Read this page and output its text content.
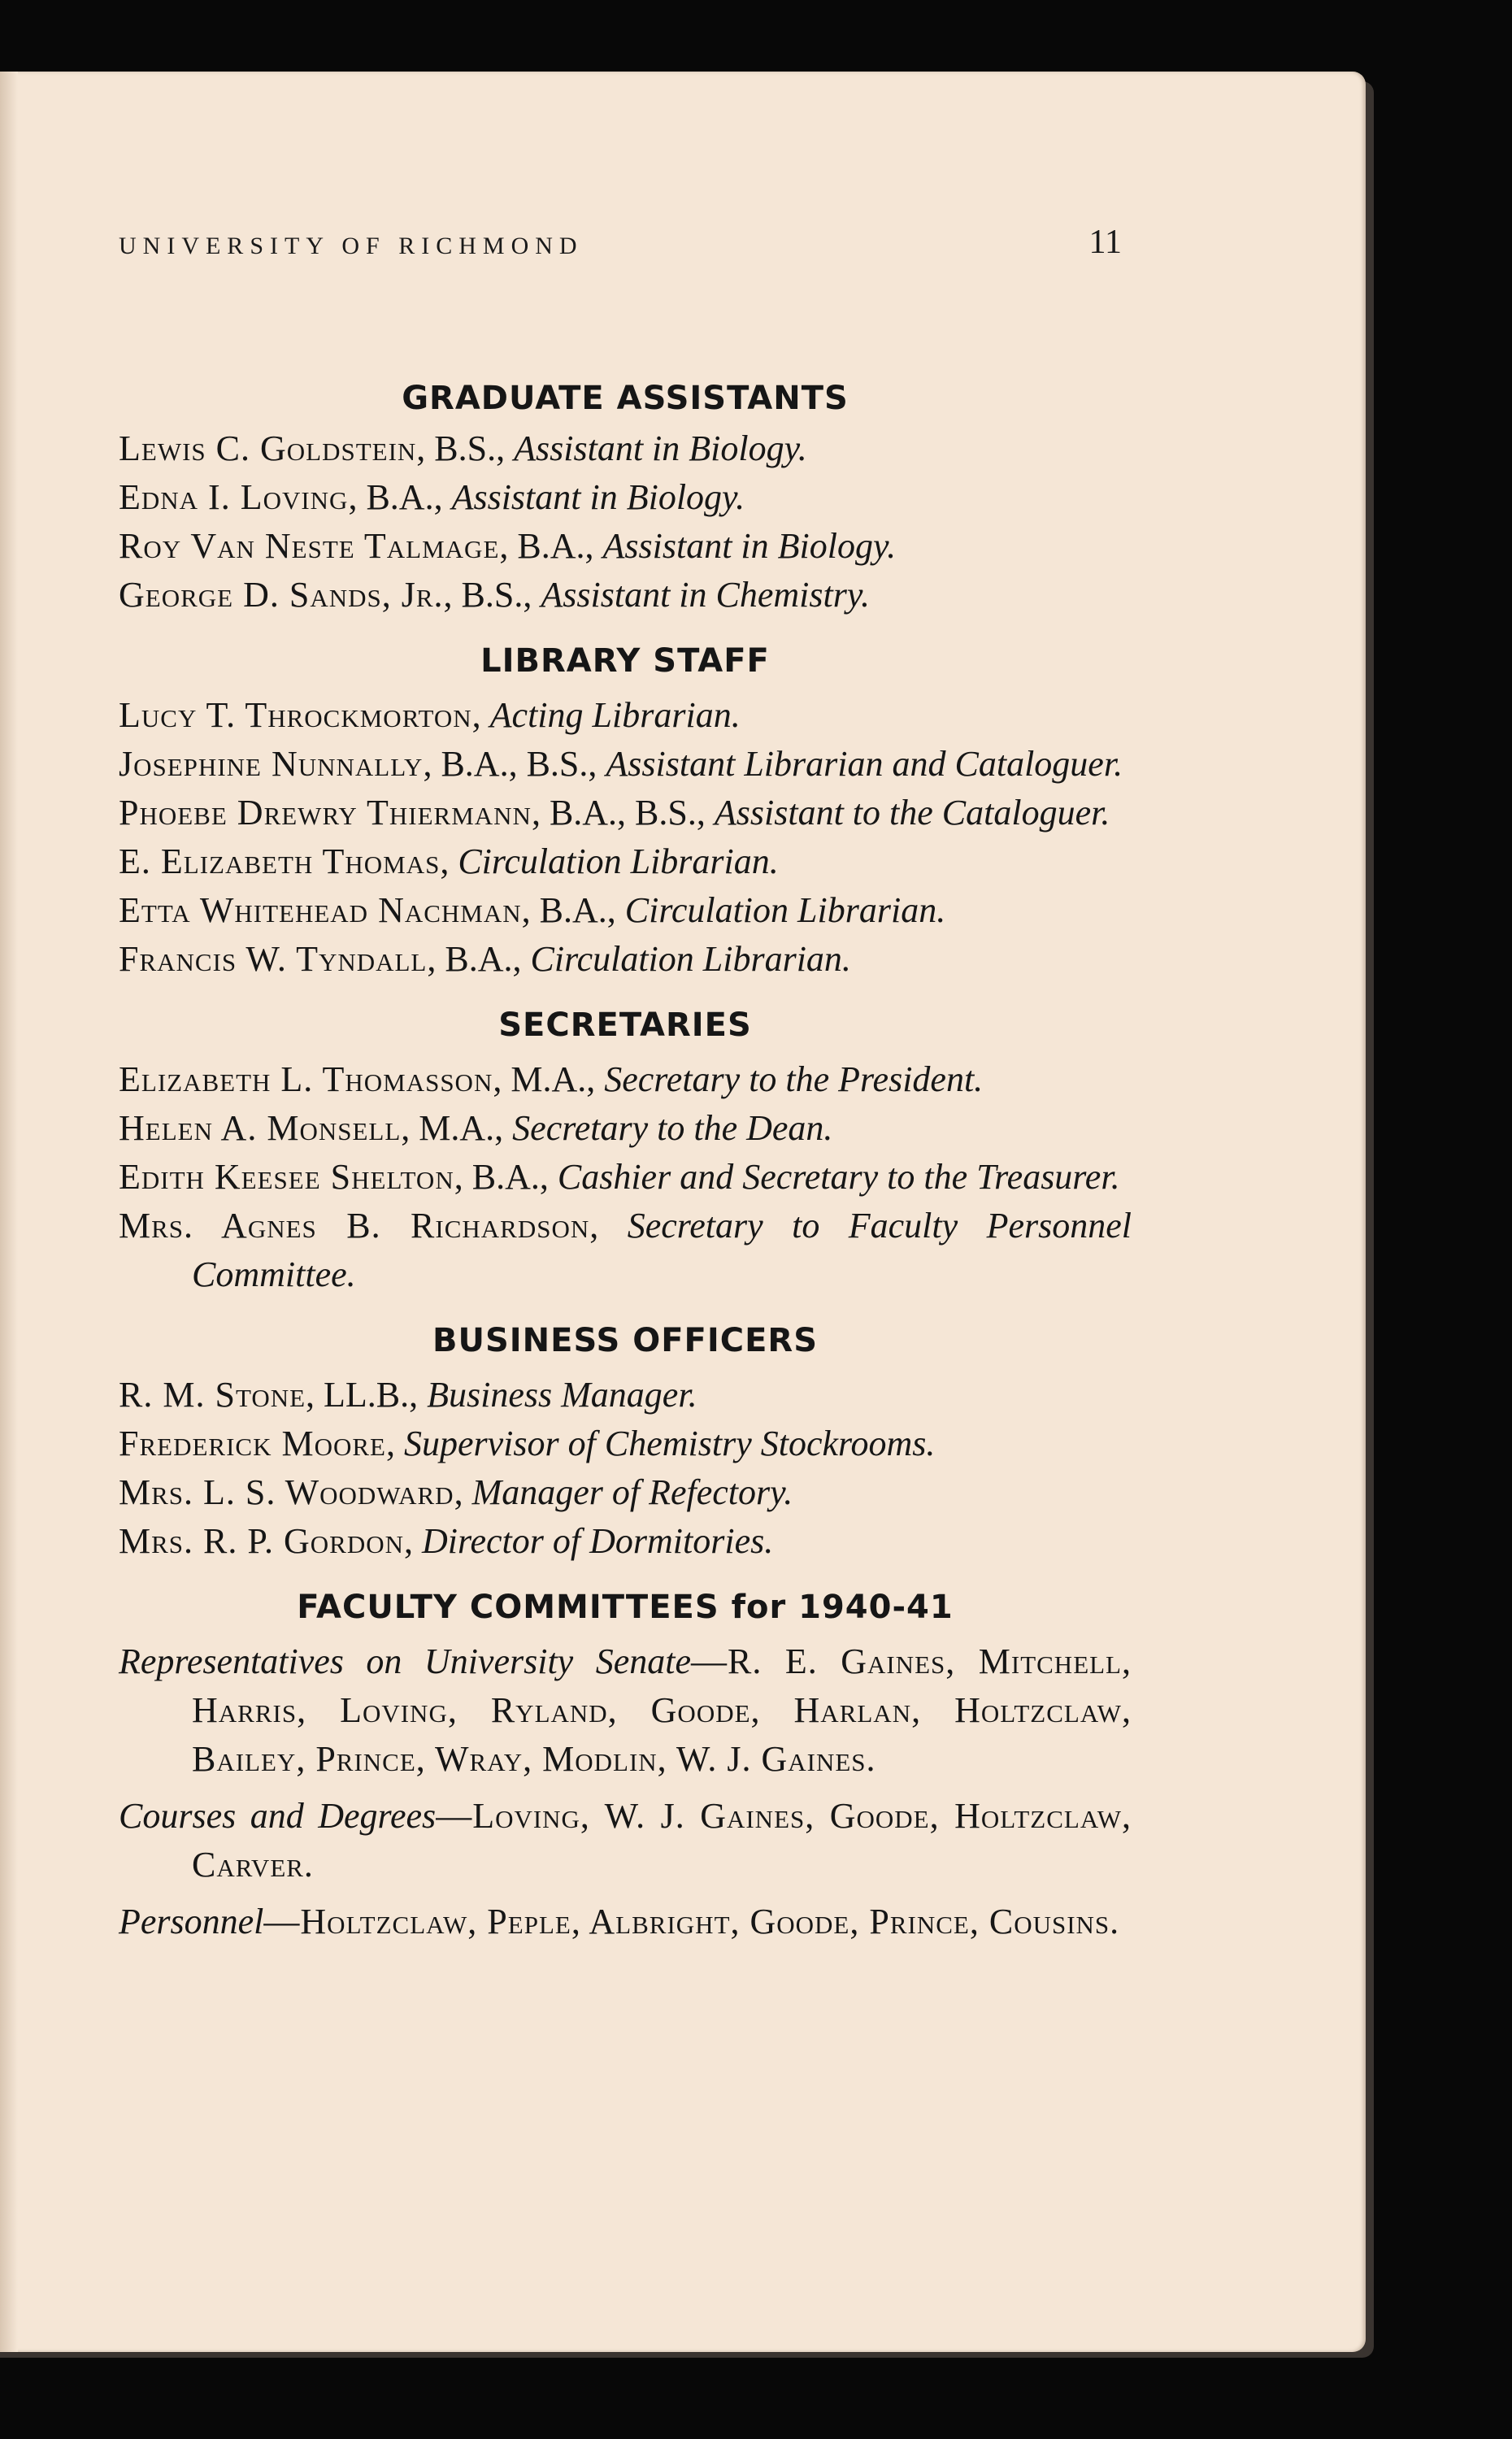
UNIVERSITY OF RICHMOND	11
GRADUATE ASSISTANTS

Lewis C. Goldstein, B.S., Assistant in Biology.

Edna I. Loving, B.A., Assistant in Biology.

Roy Van Neste Talmage, B.A., Assistant in Biology.

George D. Sands, Jr., B.S., Assistant in Chemistry.

LIBRARY STAFF

Lucy T. Throckmorton, Acting Librarian.

Josephine Nunnally, B.A., B.S., Assistant Librarian and Cataloguer.

Phoebe Drewry Thiermann, B.A., B.S., Assistant to the Cataloguer.

E. Elizabeth Thomas, Circulation Librarian.

Etta Whitehead Nachman, B.A., Circulation Librarian.

Francis W. Tyndall, B.A., Circulation Librarian.

SECRETARIES

Elizabeth L. Thomasson, M.A., Secretary to the President.

Helen A. Monsell, M.A., Secretary to the Dean.

Edith Keesee Shelton, B.A., Cashier and Secretary to the Treasurer.

Mrs. Agnes B. Richardson, Secretary to Faculty Personnel Committee.

BUSINESS OFFICERS

R. M. Stone, LL.B., Business Manager.

Frederick Moore, Supervisor of Chemistry Stockrooms.

Mrs. L. S. Woodward, Manager of Refectory.

Mrs. R. P. Gordon, Director of Dormitories.

FACULTY COMMITTEES for 1940-41

Representatives on University Senate—R. E. Gaines, Mitchell, Harris, Loving, Ryland, Goode, Harlan, Holtzclaw, Bailey, Prince, Wray, Modlin, W. J. Gaines.

Courses and Degrees—Loving, W. J. Gaines, Goode, Holtzclaw, Carver.

Personnel—Holtzclaw, Peple, Albright, Goode, Prince, Cousins.
